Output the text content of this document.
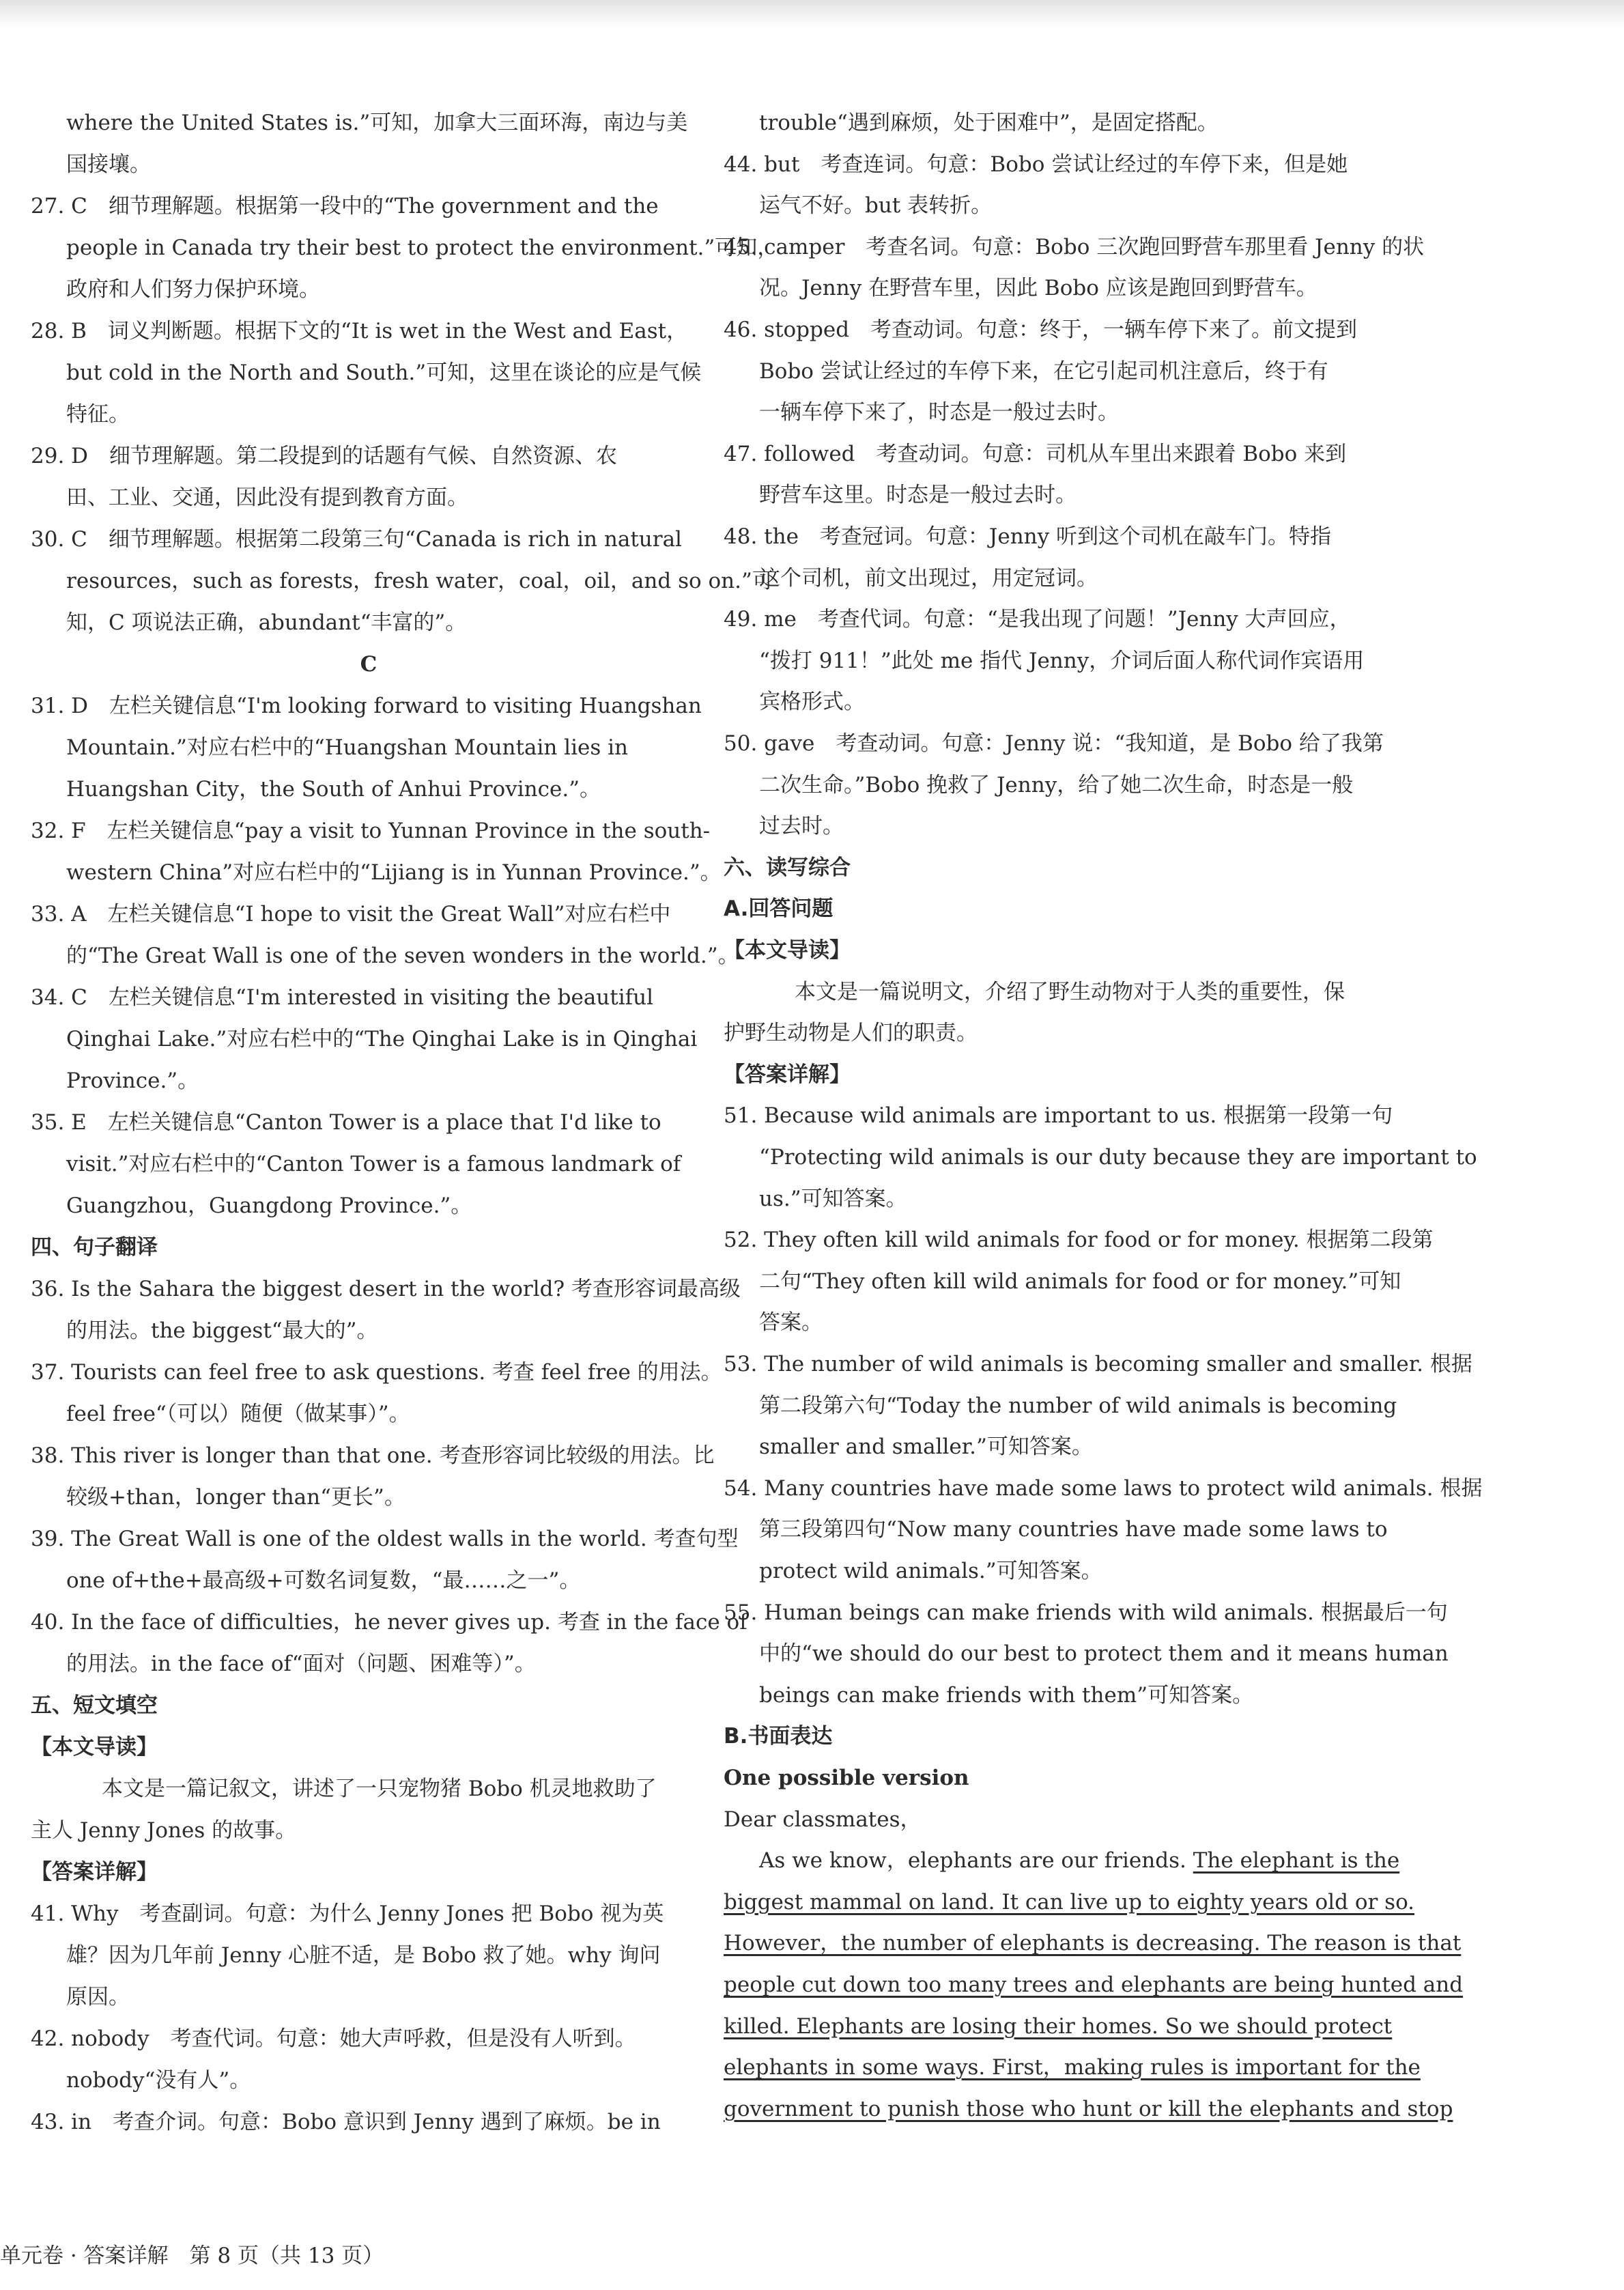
where the United States is.”可知，加拿大三面环海，南边与美
国接壤。
27. C　细节理解题。根据第一段中的“The government and the
people in Canada try their best to protect the environment.”可知，
政府和人们努力保护环境。
28. B　词义判断题。根据下文的“It is wet in the West and East，
but cold in the North and South.”可知，这里在谈论的应是气候
特征。
29. D　细节理解题。第二段提到的话题有气候、自然资源、农
田、工业、交通，因此没有提到教育方面。
30. C　细节理解题。根据第二段第三句“Canada is rich in natural
resources，such as forests，fresh water，coal，oil，and so on.”可
知，C 项说法正确，abundant“丰富的”。
C
31. D　左栏关键信息“I'm looking forward to visiting Huangshan
Mountain.”对应右栏中的“Huangshan Mountain lies in
Huangshan City，the South of Anhui Province.”。
32. F　左栏关键信息“pay a visit to Yunnan Province in the south-
western China”对应右栏中的“Lijiang is in Yunnan Province.”。
33. A　左栏关键信息“I hope to visit the Great Wall”对应右栏中
的“The Great Wall is one of the seven wonders in the world.”。
34. C　左栏关键信息“I'm interested in visiting the beautiful
Qinghai Lake.”对应右栏中的“The Qinghai Lake is in Qinghai
Province.”。
35. E　左栏关键信息“Canton Tower is a place that I'd like to
visit.”对应右栏中的“Canton Tower is a famous landmark of
Guangzhou，Guangdong Province.”。
四、句子翻译
36. Is the Sahara the biggest desert in the world? 考查形容词最高级
的用法。the biggest“最大的”。
37. Tourists can feel free to ask questions. 考查 feel free 的用法。
feel free“（可以）随便（做某事）”。
38. This river is longer than that one. 考查形容词比较级的用法。比
较级+than，longer than“更长”。
39. The Great Wall is one of the oldest walls in the world. 考查句型
one of+the+最高级+可数名词复数，“最……之一”。
40. In the face of difficulties，he never gives up. 考查 in the face of
的用法。in the face of“面对（问题、困难等）”。
五、短文填空
【本文导读】
本文是一篇记叙文，讲述了一只宠物猪 Bobo 机灵地救助了
主人 Jenny Jones 的故事。
【答案详解】
41. Why　考查副词。句意：为什么 Jenny Jones 把 Bobo 视为英
雄？因为几年前 Jenny 心脏不适，是 Bobo 救了她。why 询问
原因。
42. nobody　考查代词。句意：她大声呼救，但是没有人听到。
nobody“没有人”。
43. in　考查介词。句意：Bobo 意识到 Jenny 遇到了麻烦。be in
trouble“遇到麻烦，处于困难中”，是固定搭配。
44. but　考查连词。句意：Bobo 尝试让经过的车停下来，但是她
运气不好。but 表转折。
45. camper　考查名词。句意：Bobo 三次跑回野营车那里看 Jenny 的状
况。Jenny 在野营车里，因此 Bobo 应该是跑回到野营车。
46. stopped　考查动词。句意：终于，一辆车停下来了。前文提到
Bobo 尝试让经过的车停下来，在它引起司机注意后，终于有
一辆车停下来了，时态是一般过去时。
47. followed　考查动词。句意：司机从车里出来跟着 Bobo 来到
野营车这里。时态是一般过去时。
48. the　考查冠词。句意：Jenny 听到这个司机在敲车门。特指
这个司机，前文出现过，用定冠词。
49. me　考查代词。句意：“是我出现了问题！”Jenny 大声回应，
“拨打 911！”此处 me 指代 Jenny，介词后面人称代词作宾语用
宾格形式。
50. gave　考查动词。句意：Jenny 说：“我知道，是 Bobo 给了我第
二次生命。”Bobo 挽救了 Jenny，给了她二次生命，时态是一般
过去时。
六、读写综合
A.回答问题
【本文导读】
本文是一篇说明文，介绍了野生动物对于人类的重要性，保
护野生动物是人们的职责。
【答案详解】
51. Because wild animals are important to us. 根据第一段第一句
“Protecting wild animals is our duty because they are important to
us.”可知答案。
52. They often kill wild animals for food or for money. 根据第二段第
二句“They often kill wild animals for food or for money.”可知
答案。
53. The number of wild animals is becoming smaller and smaller. 根据
第二段第六句“Today the number of wild animals is becoming
smaller and smaller.”可知答案。
54. Many countries have made some laws to protect wild animals. 根据
第三段第四句“Now many countries have made some laws to
protect wild animals.”可知答案。
55. Human beings can make friends with wild animals. 根据最后一句
中的“we should do our best to protect them and it means human
beings can make friends with them”可知答案。
B.书面表达
One possible version
Dear classmates，
As we know，elephants are our friends. The elephant is the
biggest mammal on land. It can live up to eighty years old or so.
However，the number of elephants is decreasing. The reason is that
people cut down too many trees and elephants are being hunted and
killed. Elephants are losing their homes. So we should protect
elephants in some ways. First，making rules is important for the
government to punish those who hunt or kill the elephants and stop
单元卷 · 答案详解　第 8 页（共 13 页）
